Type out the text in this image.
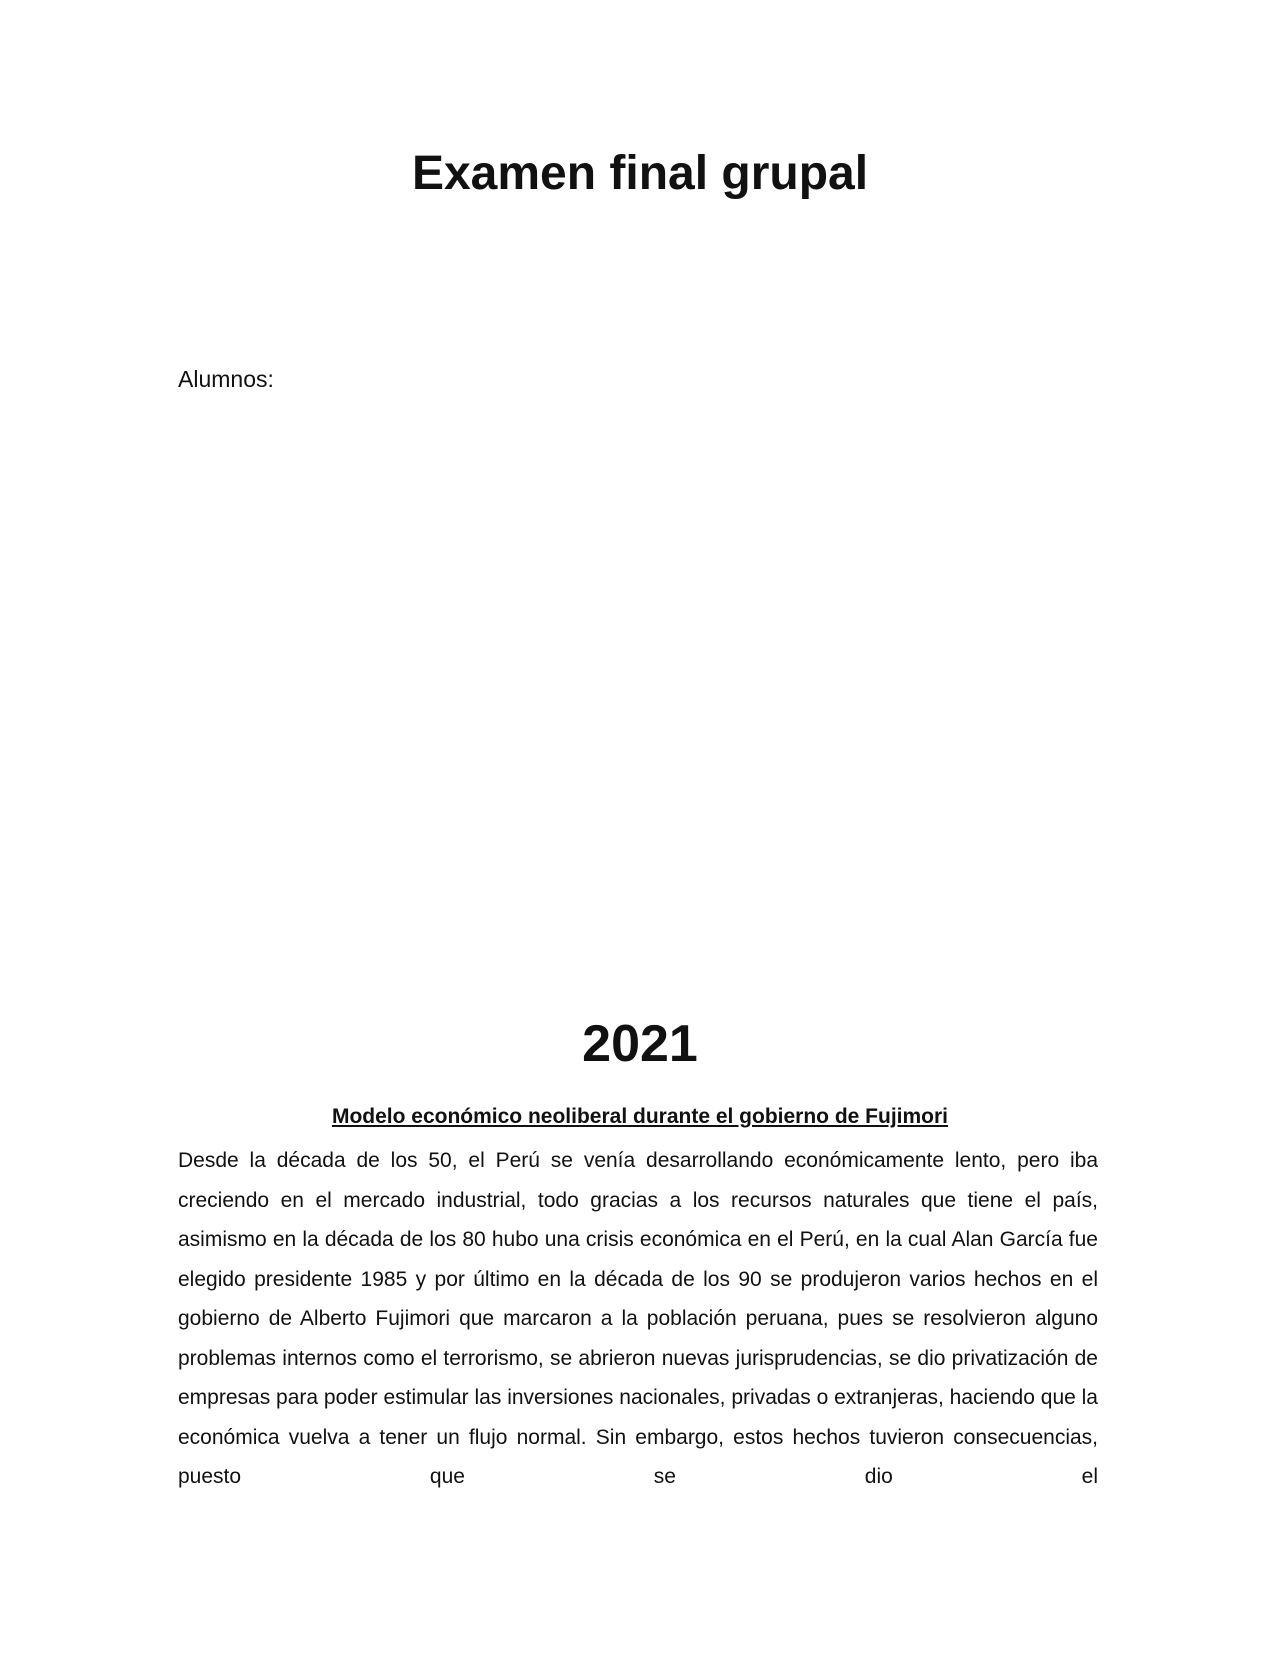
Examen final grupal
Alumnos:
2021
Modelo económico neoliberal durante el gobierno de Fujimori

Desde la década de los 50, el Perú se venía desarrollando económicamente lento, pero iba creciendo en el mercado industrial, todo gracias a los recursos naturales que tiene el país, asimismo en la década de los 80 hubo una crisis económica en el Perú, en la cual Alan García fue elegido presidente 1985 y por último en la década de los 90 se produjeron varios hechos en el gobierno de Alberto Fujimori que marcaron a la población peruana, pues se resolvieron alguno problemas internos como el terrorismo, se abrieron nuevas jurisprudencias, se dio privatización de empresas para poder estimular las inversiones nacionales, privadas o extranjeras, haciendo que la económica vuelva a tener un flujo normal. Sin embargo, estos hechos tuvieron consecuencias, puesto que se dio el
